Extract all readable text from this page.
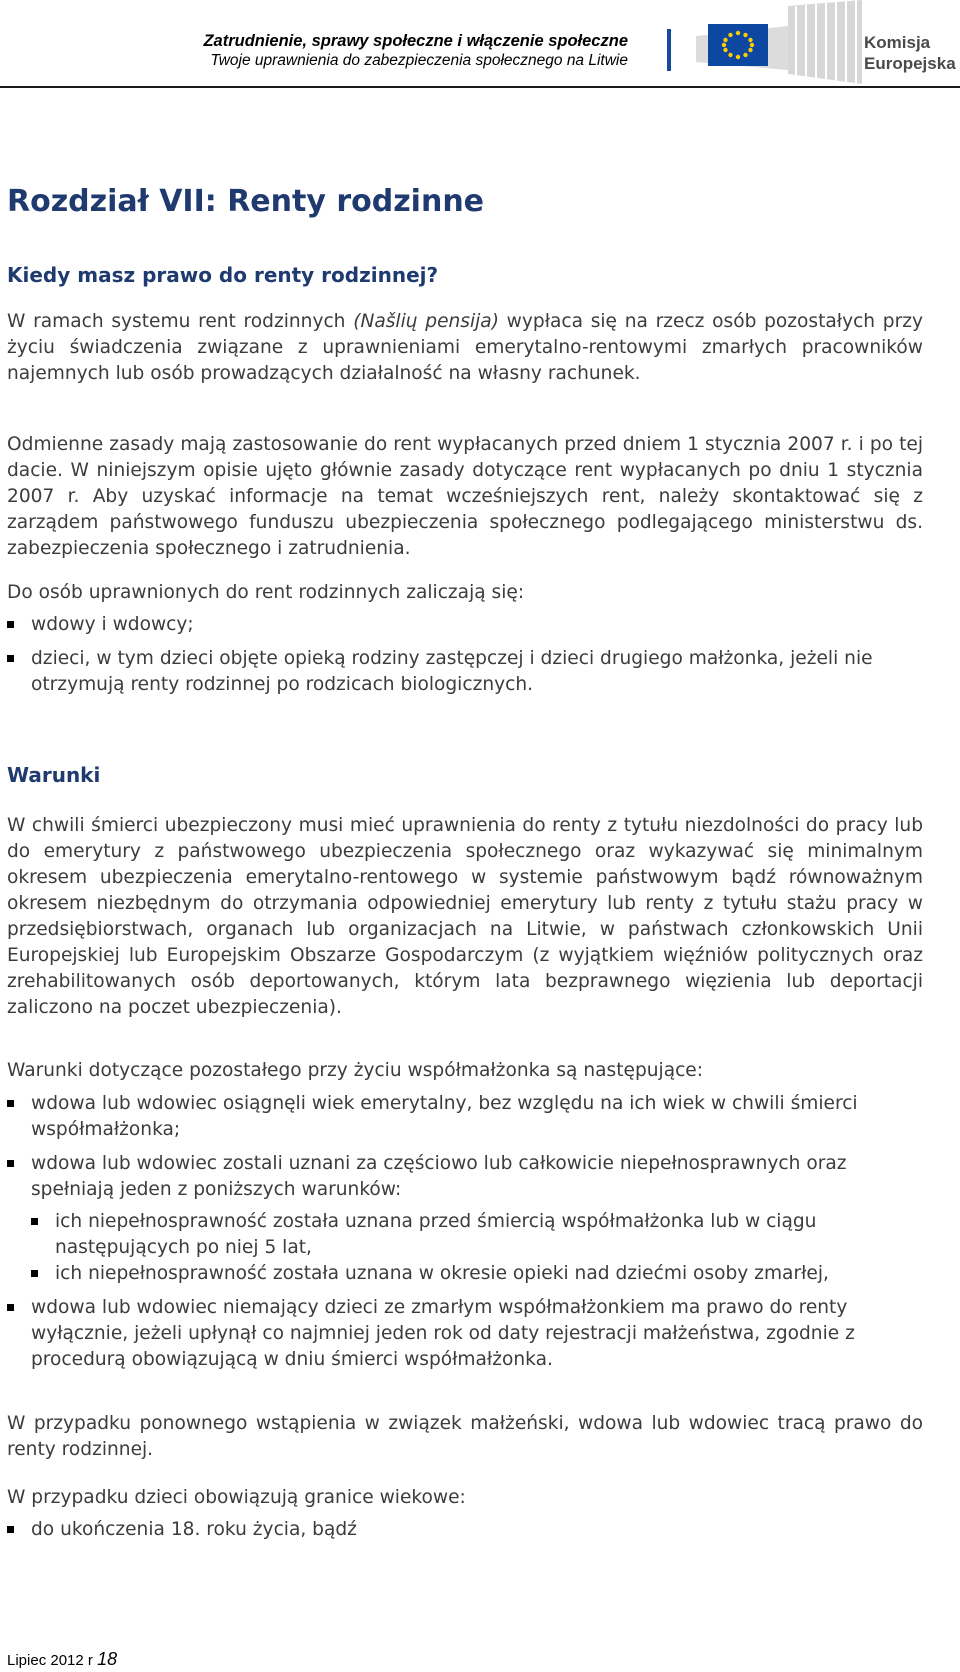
Zatrudnienie, sprawy społeczne i włączenie społeczne
Twoje uprawnienia do zabezpieczenia społecznego na Litwie
Komisja
Europejska
Rozdział VII: Renty rodzinne
Kiedy masz prawo do renty rodzinnej?

W ramach systemu rent rodzinnych (Našlių pensija) wypłaca się na rzecz osób pozostałych przy życiu świadczenia związane z uprawnieniami emerytalno-rentowymi zmarłych pracowników najemnych lub osób prowadzących działalność na własny rachunek.

Odmienne zasady mają zastosowanie do rent wypłacanych przed dniem 1 stycznia 2007 r. i po tej dacie. W niniejszym opisie ujęto głównie zasady dotyczące rent wypłacanych po dniu 1 stycznia 2007 r. Aby uzyskać informacje na temat wcześniejszych rent, należy skontaktować się z zarządem państwowego funduszu ubezpieczenia społecznego podlegającego ministerstwu ds. zabezpieczenia społecznego i zatrudnienia.

Do osób uprawnionych do rent rodzinnych zaliczają się:

wdowy i wdowcy;
dzieci, w tym dzieci objęte opieką rodziny zastępczej i dzieci drugiego małżonka, jeżeli nie otrzymują renty rodzinnej po rodzicach biologicznych.
Warunki

W chwili śmierci ubezpieczony musi mieć uprawnienia do renty z tytułu niezdolności do pracy lub do emerytury z państwowego ubezpieczenia społecznego oraz wykazywać się minimalnym okresem ubezpieczenia emerytalno-rentowego w systemie państwowym bądź równoważnym okresem niezbędnym do otrzymania odpowiedniej emerytury lub renty z tytułu stażu pracy w przedsiębiorstwach, organach lub organizacjach na Litwie, w państwach członkowskich Unii Europejskiej lub Europejskim Obszarze Gospodarczym (z wyjątkiem więźniów politycznych oraz zrehabilitowanych osób deportowanych, którym lata bezprawnego więzienia lub deportacji zaliczono na poczet ubezpieczenia).

Warunki dotyczące pozostałego przy życiu współmałżonka są następujące:

wdowa lub wdowiec osiągnęli wiek emerytalny, bez względu na ich wiek w chwili śmierci współmałżonka;
wdowa lub wdowiec zostali uznani za częściowo lub całkowicie niepełnosprawnych oraz spełniają jeden z poniższych warunków:
ich niepełnosprawność została uznana przed śmiercią współmałżonka lub w ciągu następujących po niej 5 lat,
ich niepełnosprawność została uznana w okresie opieki nad dziećmi osoby zmarłej,
wdowa lub wdowiec niemający dzieci ze zmarłym współmałżonkiem ma prawo do renty wyłącznie, jeżeli upłynął co najmniej jeden rok od daty rejestracji małżeństwa, zgodnie z procedurą obowiązującą w dniu śmierci współmałżonka.

W przypadku ponownego wstąpienia w związek małżeński, wdowa lub wdowiec tracą prawo do renty rodzinnej.

W przypadku dzieci obowiązują granice wiekowe:

do ukończenia 18. roku życia, bądź
Lipiec 2012 r 18
